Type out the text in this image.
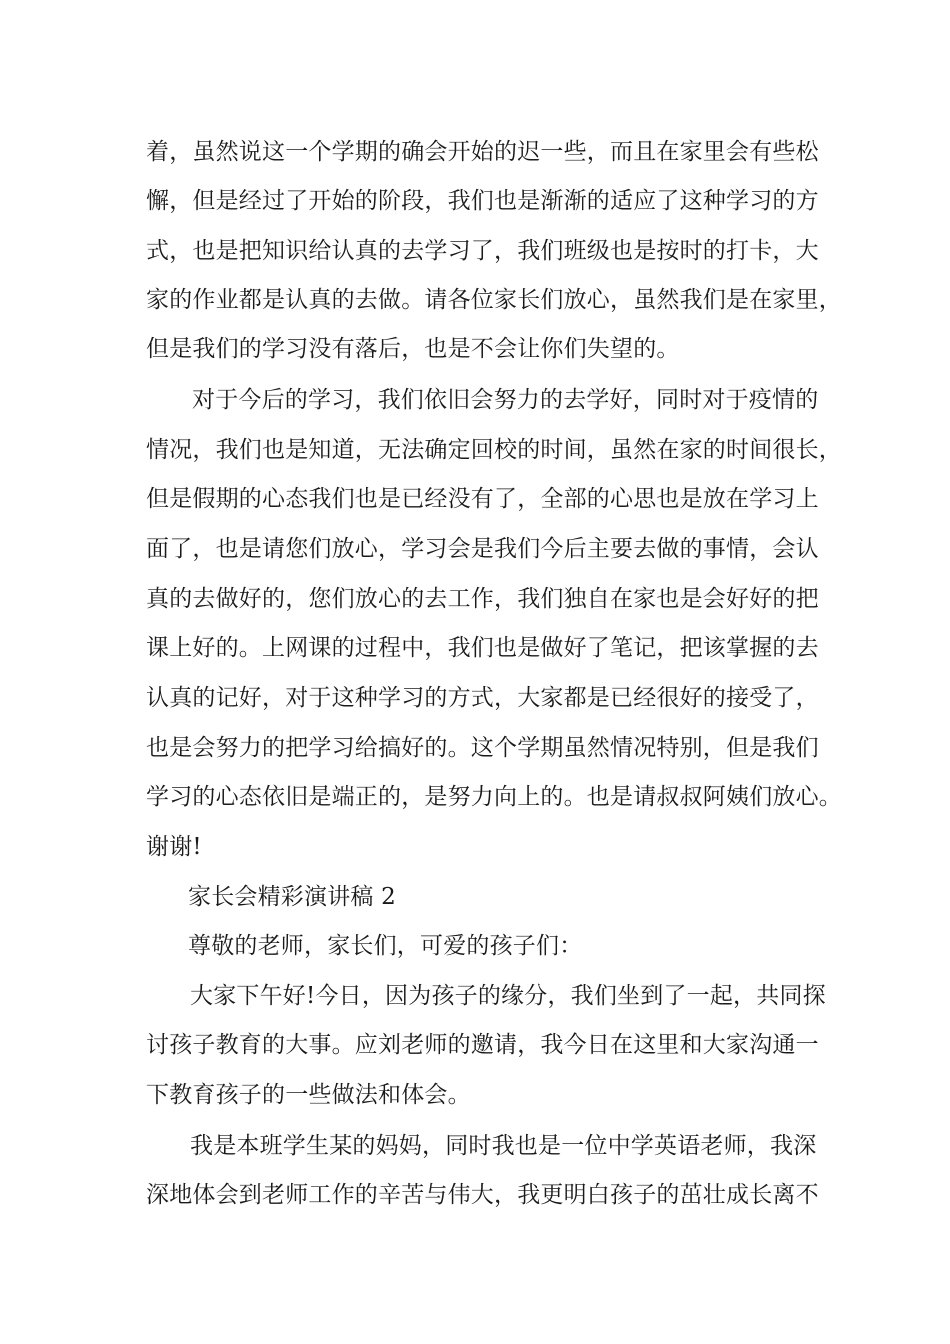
着，虽然说这一个学期的确会开始的迟一些，而且在家里会有些松
懈，但是经过了开始的阶段，我们也是渐渐的适应了这种学习的方
式，也是把知识给认真的去学习了，我们班级也是按时的打卡，大
家的作业都是认真的去做。请各位家长们放心，虽然我们是在家里，
但是我们的学习没有落后，也是不会让你们失望的。
对于今后的学习，我们依旧会努力的去学好，同时对于疫情的
情况，我们也是知道，无法确定回校的时间，虽然在家的时间很长，
但是假期的心态我们也是已经没有了，全部的心思也是放在学习上
面了，也是请您们放心，学习会是我们今后主要去做的事情，会认
真的去做好的，您们放心的去工作，我们独自在家也是会好好的把
课上好的。上网课的过程中，我们也是做好了笔记，把该掌握的去
认真的记好，对于这种学习的方式，大家都是已经很好的接受了，
也是会努力的把学习给搞好的。这个学期虽然情况特别，但是我们
学习的心态依旧是端正的，是努力向上的。也是请叔叔阿姨们放心。
谢谢!
家长会精彩演讲稿 2
尊敬的老师，家长们，可爱的孩子们：
大家下午好!今日，因为孩子的缘分，我们坐到了一起，共同探
讨孩子教育的大事。应刘老师的邀请，我今日在这里和大家沟通一
下教育孩子的一些做法和体会。
我是本班学生某的妈妈，同时我也是一位中学英语老师，我深
深地体会到老师工作的辛苦与伟大，我更明白孩子的茁壮成长离不
